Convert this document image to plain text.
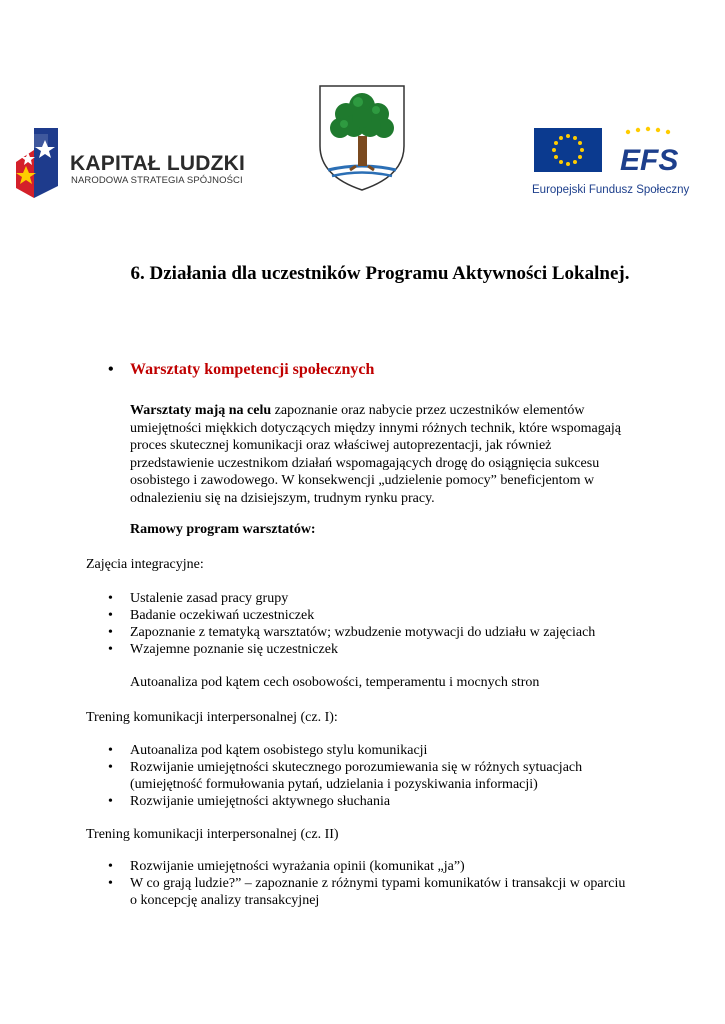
KAPITAŁ LUDZKI
NARODOWA STRATEGIA SPÓJNOŚCI
EFS
Europejski Fundusz Społeczny
6. Działania dla uczestników Programu Aktywności Lokalnej.
• Warsztaty kompetencji społecznych

Warsztaty mają na celu zapoznanie oraz nabycie przez uczestników elementów umiejętności miękkich dotyczących między innymi różnych technik, które wspomagają proces skutecznej komunikacji oraz właściwej autoprezentacji, jak również przedstawienie uczestnikom działań wspomagających drogę do osiągnięcia sukcesu osobistego i zawodowego. W konsekwencji „udzielenie pomocy” beneficjentom w odnalezieniu się na dzisiejszym, trudnym rynku pracy.

Ramowy program warsztatów:

Zajęcia integracyjne:

• Ustalenie zasad pracy grupy
• Badanie oczekiwań uczestniczek
• Zapoznanie z tematyką warsztatów; wzbudzenie motywacji do udziału w zajęciach
• Wzajemne poznanie się uczestniczek

Autoanaliza pod kątem cech osobowości, temperamentu i mocnych stron

Trening komunikacji interpersonalnej (cz. I):

• Autoanaliza pod kątem osobistego stylu komunikacji
• Rozwijanie umiejętności skutecznego porozumiewania się w różnych sytuacjach (umiejętność formułowania pytań, udzielania i pozyskiwania informacji)
• Rozwijanie umiejętności aktywnego słuchania

Trening komunikacji interpersonalnej (cz. II)

• Rozwijanie umiejętności wyrażania opinii (komunikat „ja”)
• W co grają ludzie?” – zapoznanie z różnymi typami komunikatów i transakcji w oparciu o koncepcję analizy transakcyjnej
